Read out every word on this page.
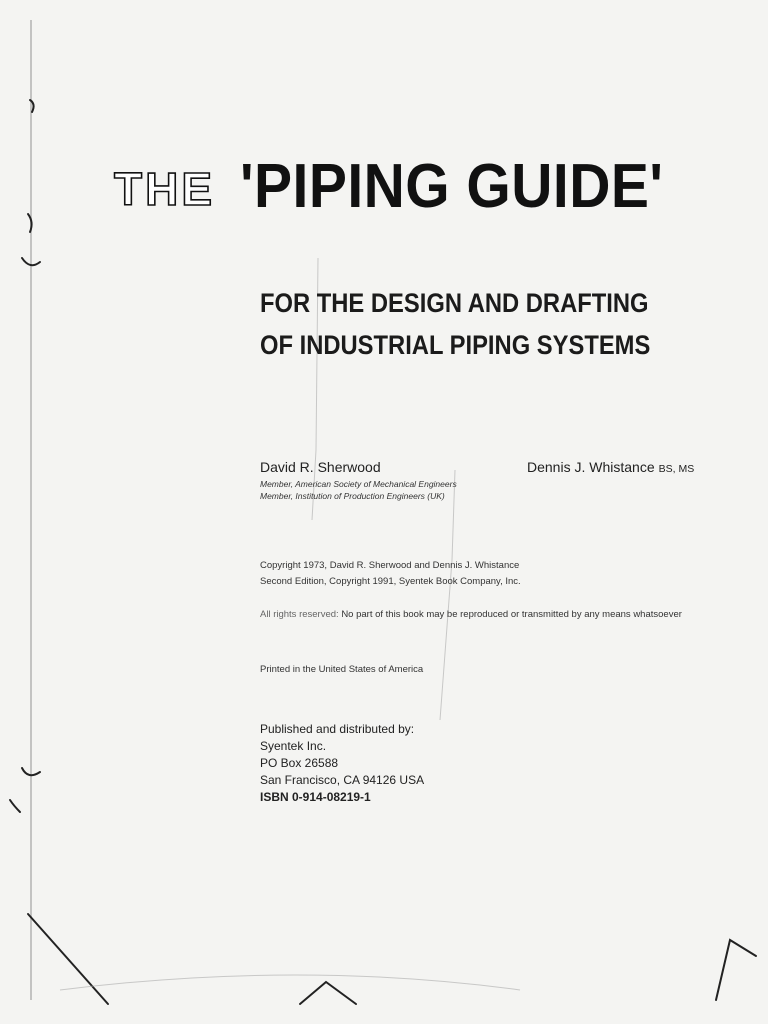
THE 'PIPING GUIDE'
FOR THE DESIGN AND DRAFTING
OF INDUSTRIAL PIPING SYSTEMS
David R. Sherwood
Member, American Society of Mechanical Engineers
Member, Institution of Production Engineers (UK)
Dennis J. Whistance BS, MS
Copyright 1973, David R. Sherwood and Dennis J. Whistance
Second Edition, Copyright 1991, Syentek Book Company, Inc.
All rights reserved: No part of this book may be reproduced or transmitted by any means whatsoever
Printed in the United States of America
Published and distributed by:
Syentek Inc.
PO Box 26588
San Francisco, CA 94126 USA
ISBN 0-914-08219-1
